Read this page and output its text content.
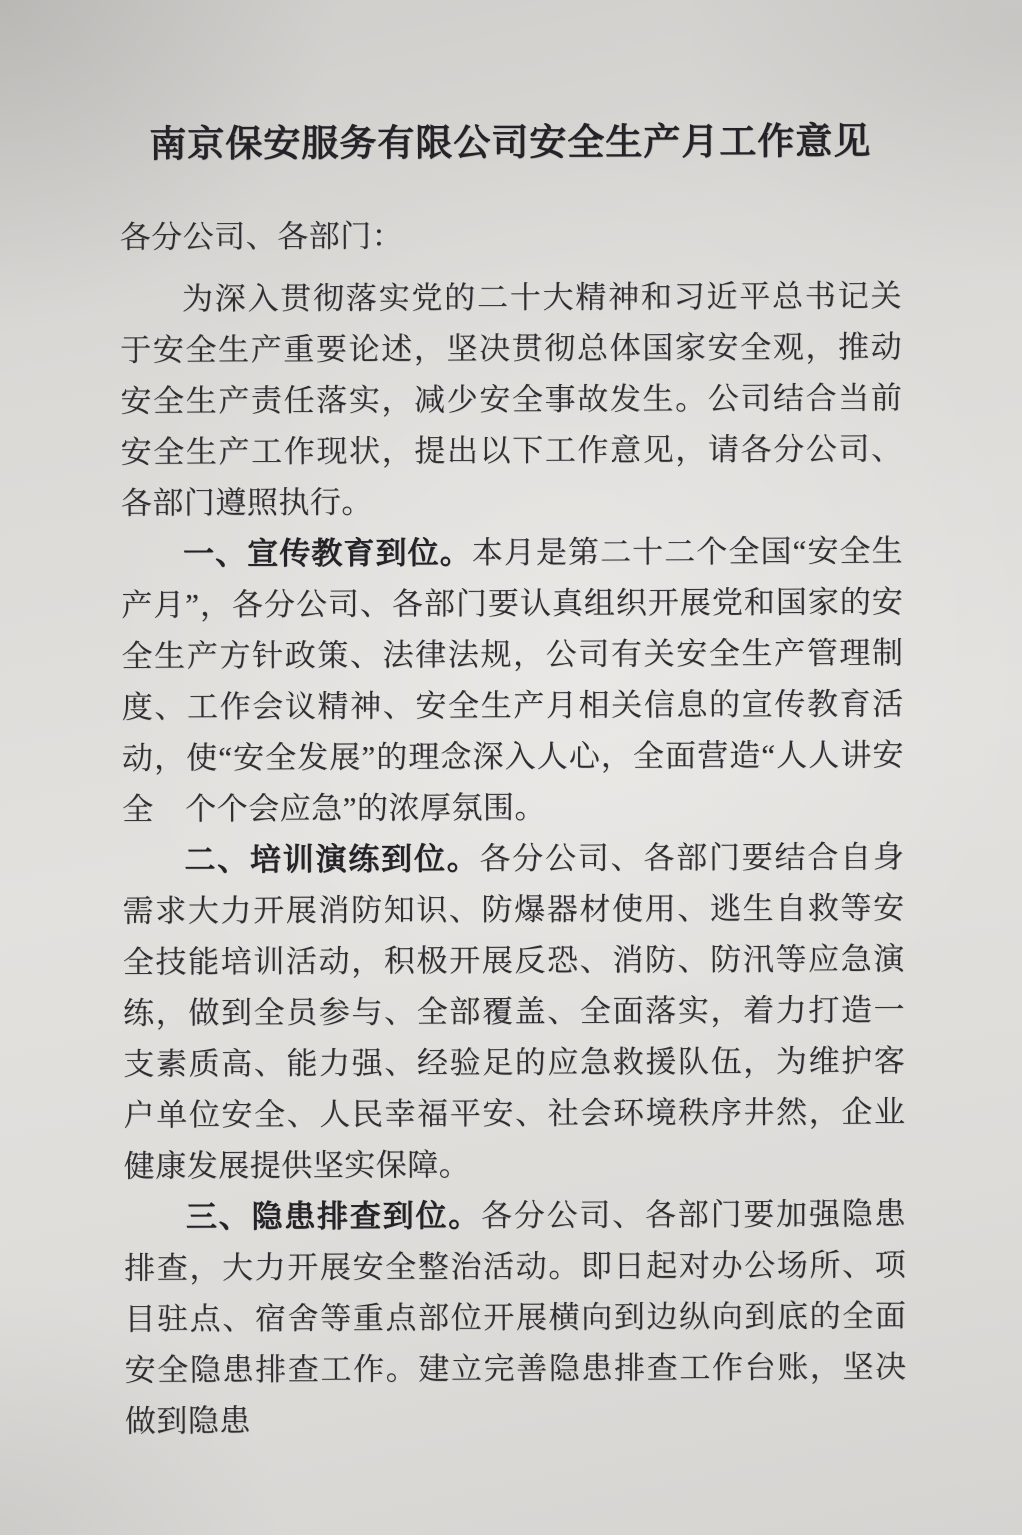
南京保安服务有限公司安全生产月工作意见

各分公司、各部门：

为深入贯彻落实党的二十大精神和习近平总书记关于安全生产重要论述，坚决贯彻总体国家安全观，推动安全生产责任落实，减少安全事故发生。公司结合当前安全生产工作现状，提出以下工作意见，请各分公司、各部门遵照执行。

一、宣传教育到位。本月是第二十二个全国“安全生产月”，各分公司、各部门要认真组织开展党和国家的安全生产方针政策、法律法规，公司有关安全生产管理制度、工作会议精神、安全生产月相关信息的宣传教育活动，使“安全发展”的理念深入人心，全面营造“人人讲安全　个个会应急”的浓厚氛围。

二、培训演练到位。各分公司、各部门要结合自身需求大力开展消防知识、防爆器材使用、逃生自救等安全技能培训活动，积极开展反恐、消防、防汛等应急演练，做到全员参与、全部覆盖、全面落实，着力打造一支素质高、能力强、经验足的应急救援队伍，为维护客户单位安全、人民幸福平安、社会环境秩序井然，企业健康发展提供坚实保障。

三、隐患排查到位。各分公司、各部门要加强隐患排查，大力开展安全整治活动。即日起对办公场所、项目驻点、宿舍等重点部位开展横向到边纵向到底的全面安全隐患排查工作。建立完善隐患排查工作台账，坚决做到隐患
